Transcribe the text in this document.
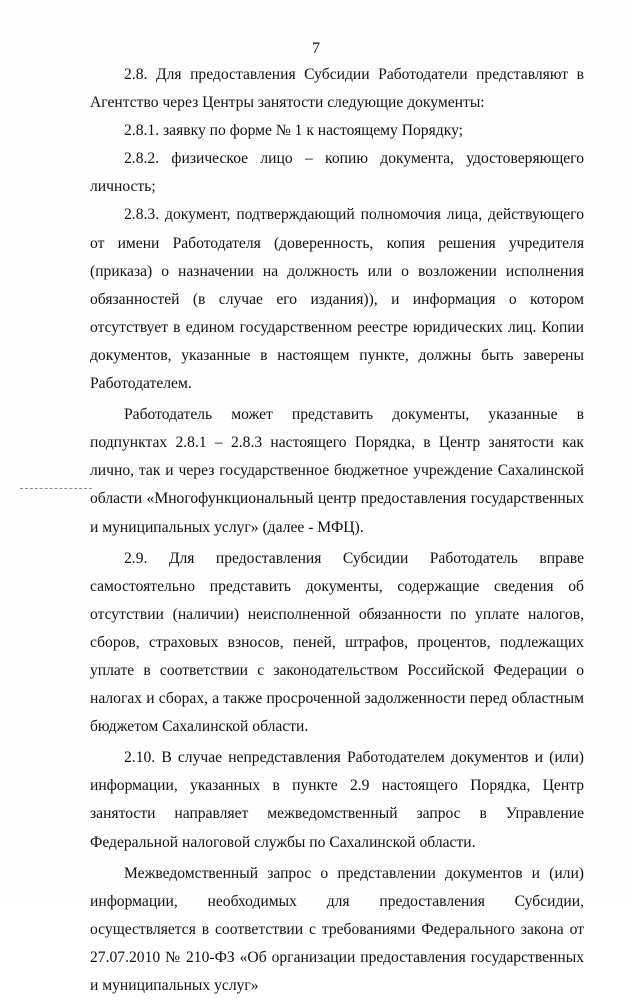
7

2.8. Для предоставления Субсидии Работодатели представляют в Агентство через Центры занятости следующие документы:

2.8.1. заявку по форме № 1 к настоящему Порядку;

2.8.2. физическое лицо – копию документа, удостоверяющего личность;

2.8.3. документ, подтверждающий полномочия лица, действующего от имени Работодателя (доверенность, копия решения учредителя (приказа) о назначении на должность или о возложении исполнения обязанностей (в случае его издания)), и информация о котором отсутствует в едином государственном реестре юридических лиц. Копии документов, указанные в настоящем пункте, должны быть заверены Работодателем.

Работодатель может представить документы, указанные в подпунктах 2.8.1 – 2.8.3 настоящего Порядка, в Центр занятости как лично, так и через государственное бюджетное учреждение Сахалинской области «Многофункциональный центр предоставления государственных и муниципальных услуг» (далее - МФЦ).

2.9. Для предоставления Субсидии Работодатель вправе самостоятельно представить документы, содержащие сведения об отсутствии (наличии) неисполненной обязанности по уплате налогов, сборов, страховых взносов, пеней, штрафов, процентов, подлежащих уплате в соответствии с законодательством Российской Федерации о налогах и сборах, а также просроченной задолженности перед областным бюджетом Сахалинской области.

2.10. В случае непредставления Работодателем документов и (или) информации, указанных в пункте 2.9 настоящего Порядка, Центр занятости направляет межведомственный запрос в Управление Федеральной налоговой службы по Сахалинской области.

Межведомственный запрос о представлении документов и (или) информации, необходимых для предоставления Субсидии, осуществляется в соответствии с требованиями Федерального закона от 27.07.2010 № 210-ФЗ «Об организации предоставления государственных и муниципальных услуг»
